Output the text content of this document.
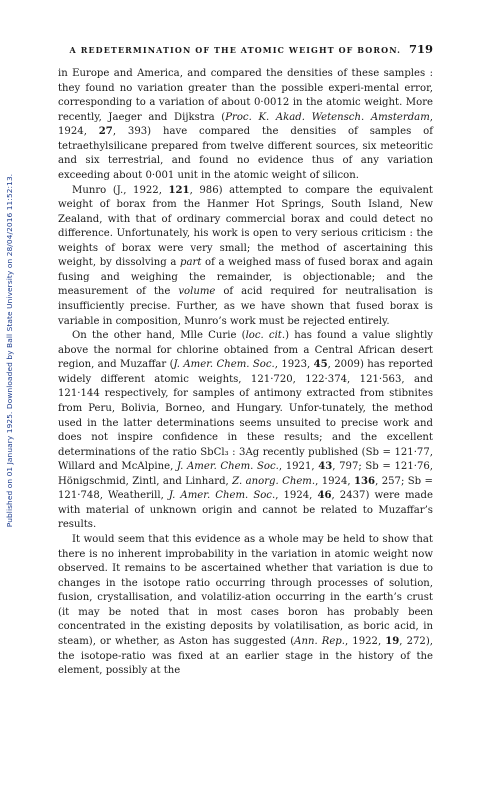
Published on 01 January 1925. Downloaded by Ball State University on 28/04/2016 11:52:13.
A REDETERMINATION OF THE ATOMIC WEIGHT OF BORON. 719

in Europe and America, and compared the densities of these samples : they found no variation greater than the possible experi-mental error, corresponding to a variation of about 0·0012 in the atomic weight. More recently, Jaeger and Dijkstra (Proc. K. Akad. Wetensch. Amsterdam, 1924, 27, 393) have compared the densities of samples of tetraethylsilicane prepared from twelve different sources, six meteoritic and six terrestrial, and found no evidence thus of any variation exceeding about 0·001 unit in the atomic weight of silicon.

Munro (J., 1922, 121, 986) attempted to compare the equivalent weight of borax from the Hanmer Hot Springs, South Island, New Zealand, with that of ordinary commercial borax and could detect no difference. Unfortunately, his work is open to very serious criticism : the weights of borax were very small; the method of ascertaining this weight, by dissolving a part of a weighed mass of fused borax and again fusing and weighing the remainder, is objectionable; and the measurement of the volume of acid required for neutralisation is insufficiently precise. Further, as we have shown that fused borax is variable in composition, Munro’s work must be rejected entirely.

On the other hand, Mlle Curie (loc. cit.) has found a value slightly above the normal for chlorine obtained from a Central African desert region, and Muzaffar (J. Amer. Chem. Soc., 1923, 45, 2009) has reported widely different atomic weights, 121·720, 122·374, 121·563, and 121·144 respectively, for samples of antimony extracted from stibnites from Peru, Bolivia, Borneo, and Hungary. Unfor-tunately, the method used in the latter determinations seems unsuited to precise work and does not inspire confidence in these results; and the excellent determinations of the ratio SbCl₃ : 3Ag recently published (Sb = 121·77, Willard and McAlpine, J. Amer. Chem. Soc., 1921, 43, 797; Sb = 121·76, Hönigschmid, Zintl, and Linhard, Z. anorg. Chem., 1924, 136, 257; Sb = 121·748, Weatherill, J. Amer. Chem. Soc., 1924, 46, 2437) were made with material of unknown origin and cannot be related to Muzaffar’s results.

It would seem that this evidence as a whole may be held to show that there is no inherent improbability in the variation in atomic weight now observed. It remains to be ascertained whether that variation is due to changes in the isotope ratio occurring through processes of solution, fusion, crystallisation, and volatiliz-ation occurring in the earth’s crust (it may be noted that in most cases boron has probably been concentrated in the existing deposits by volatilisation, as boric acid, in steam), or whether, as Aston has suggested (Ann. Rep., 1922, 19, 272), the isotope-ratio was fixed at an earlier stage in the history of the element, possibly at the
